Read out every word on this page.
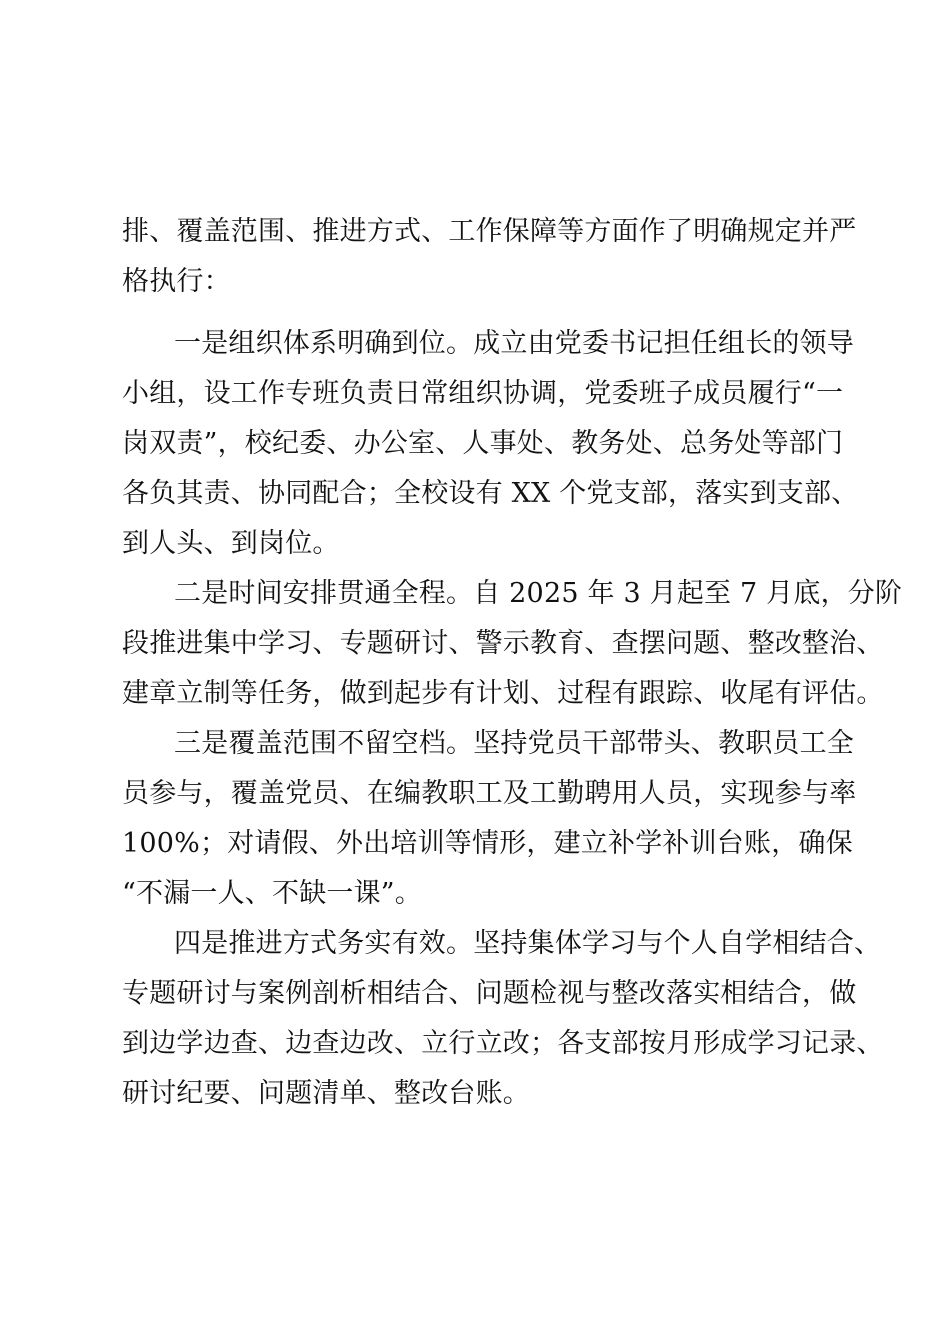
排、覆盖范围、推进方式、工作保障等方面作了明确规定并严
格执行：
一是组织体系明确到位。成立由党委书记担任组长的领导
小组，设工作专班负责日常组织协调，党委班子成员履行“一
岗双责”，校纪委、办公室、人事处、教务处、总务处等部门
各负其责、协同配合；全校设有 XX 个党支部，落实到支部、
到人头、到岗位。
二是时间安排贯通全程。自 2025 年 3 月起至 7 月底，分阶
段推进集中学习、专题研讨、警示教育、查摆问题、整改整治、
建章立制等任务，做到起步有计划、过程有跟踪、收尾有评估。
三是覆盖范围不留空档。坚持党员干部带头、教职员工全
员参与，覆盖党员、在编教职工及工勤聘用人员，实现参与率
100%；对请假、外出培训等情形，建立补学补训台账，确保
“不漏一人、不缺一课”。
四是推进方式务实有效。坚持集体学习与个人自学相结合、
专题研讨与案例剖析相结合、问题检视与整改落实相结合，做
到边学边查、边查边改、立行立改；各支部按月形成学习记录、
研讨纪要、问题清单、整改台账。
